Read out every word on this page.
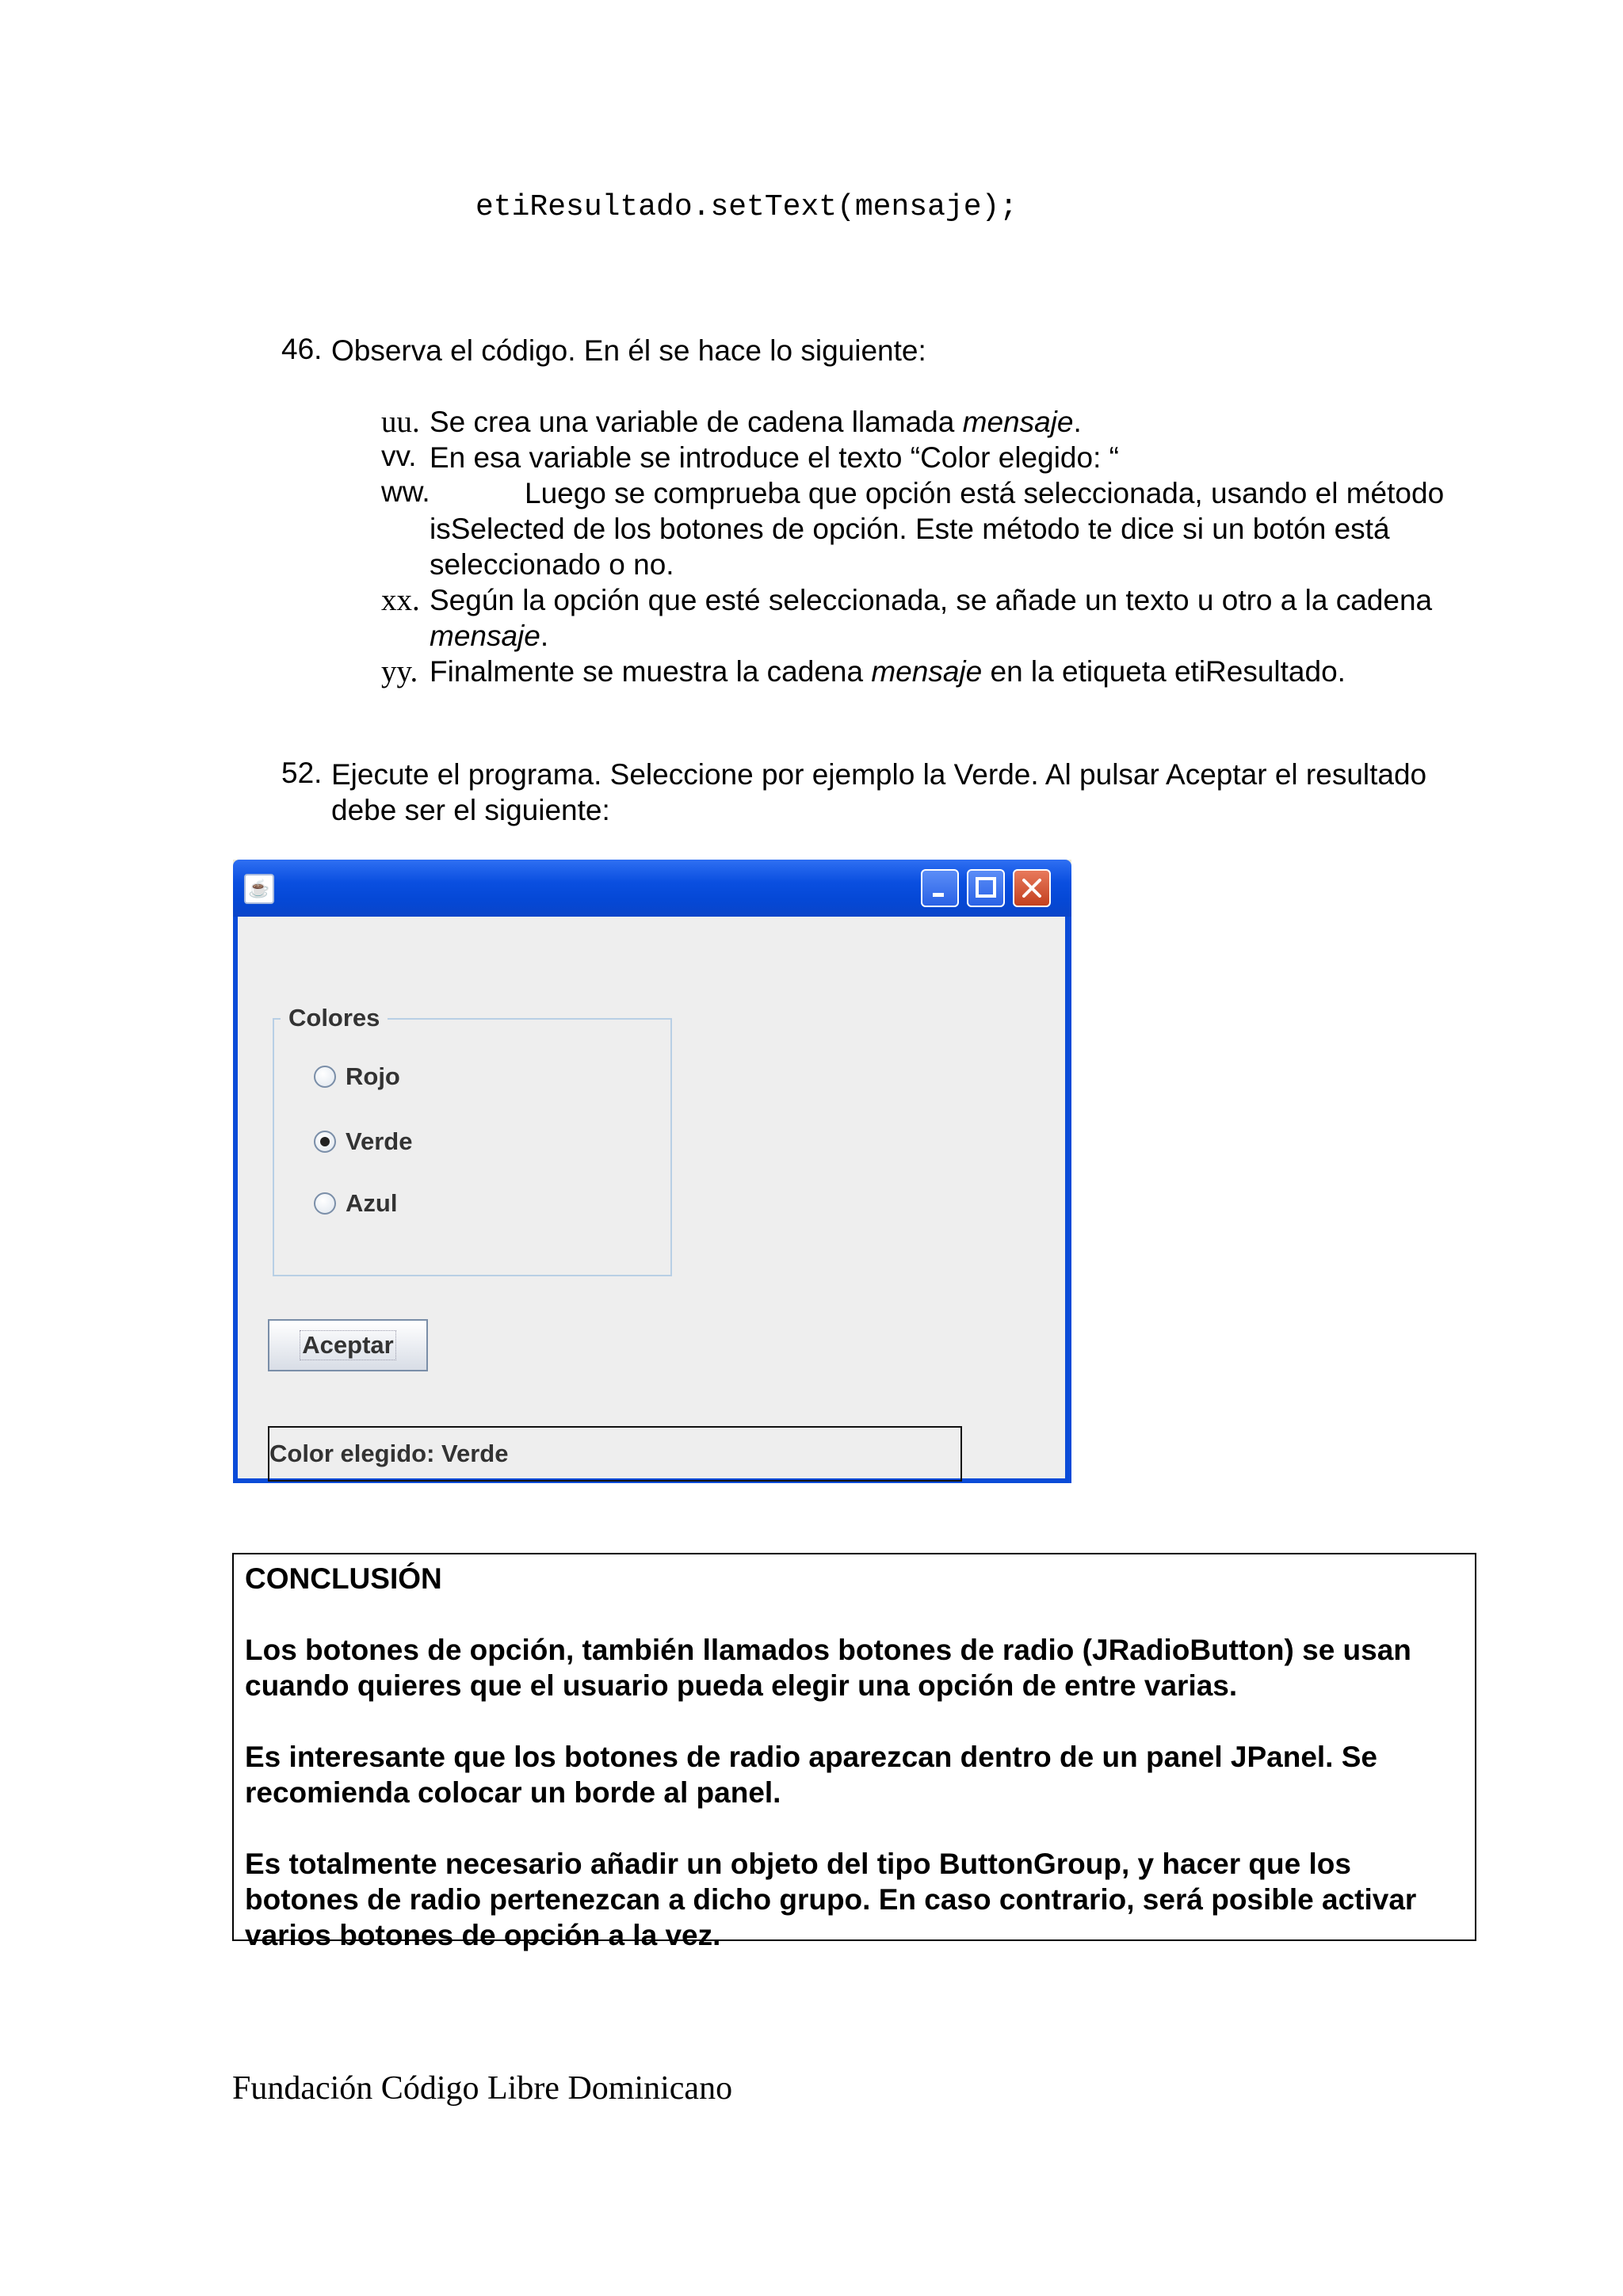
etiResultado.setText(mensaje);
46. Observa el código. En él se hace lo siguiente:
uu. Se crea una variable de cadena llamada mensaje.
vv. En esa variable se introduce el texto “Color elegido: “
ww.	Luego se comprueba que opción está seleccionada, usando el método
isSelected de los botones de opción. Este método te dice si un botón está
seleccionado o no.
xx. Según la opción que esté seleccionada, se añade un texto u otro a la cadena
mensaje.
yy. Finalmente se muestra la cadena mensaje en la etiqueta etiResultado.
52. Ejecute el programa. Seleccione por ejemplo la Verde. Al pulsar Aceptar el resultado
debe ser el siguiente:
☕
Colores
Rojo
Verde
Azul
Aceptar
Color elegido: Verde

CONCLUSIÓN

Los botones de opción, también llamados botones de radio (JRadioButton) se usan cuando quieres que el usuario pueda elegir una opción de entre varias.

Es interesante que los botones de radio aparezcan dentro de un panel JPanel. Se recomienda colocar un borde al panel.

Es totalmente necesario añadir un objeto del tipo ButtonGroup, y hacer que los botones de radio pertenezcan a dicho grupo. En caso contrario, será posible activar varios botones de opción a la vez.

Fundación Código Libre Dominicano
